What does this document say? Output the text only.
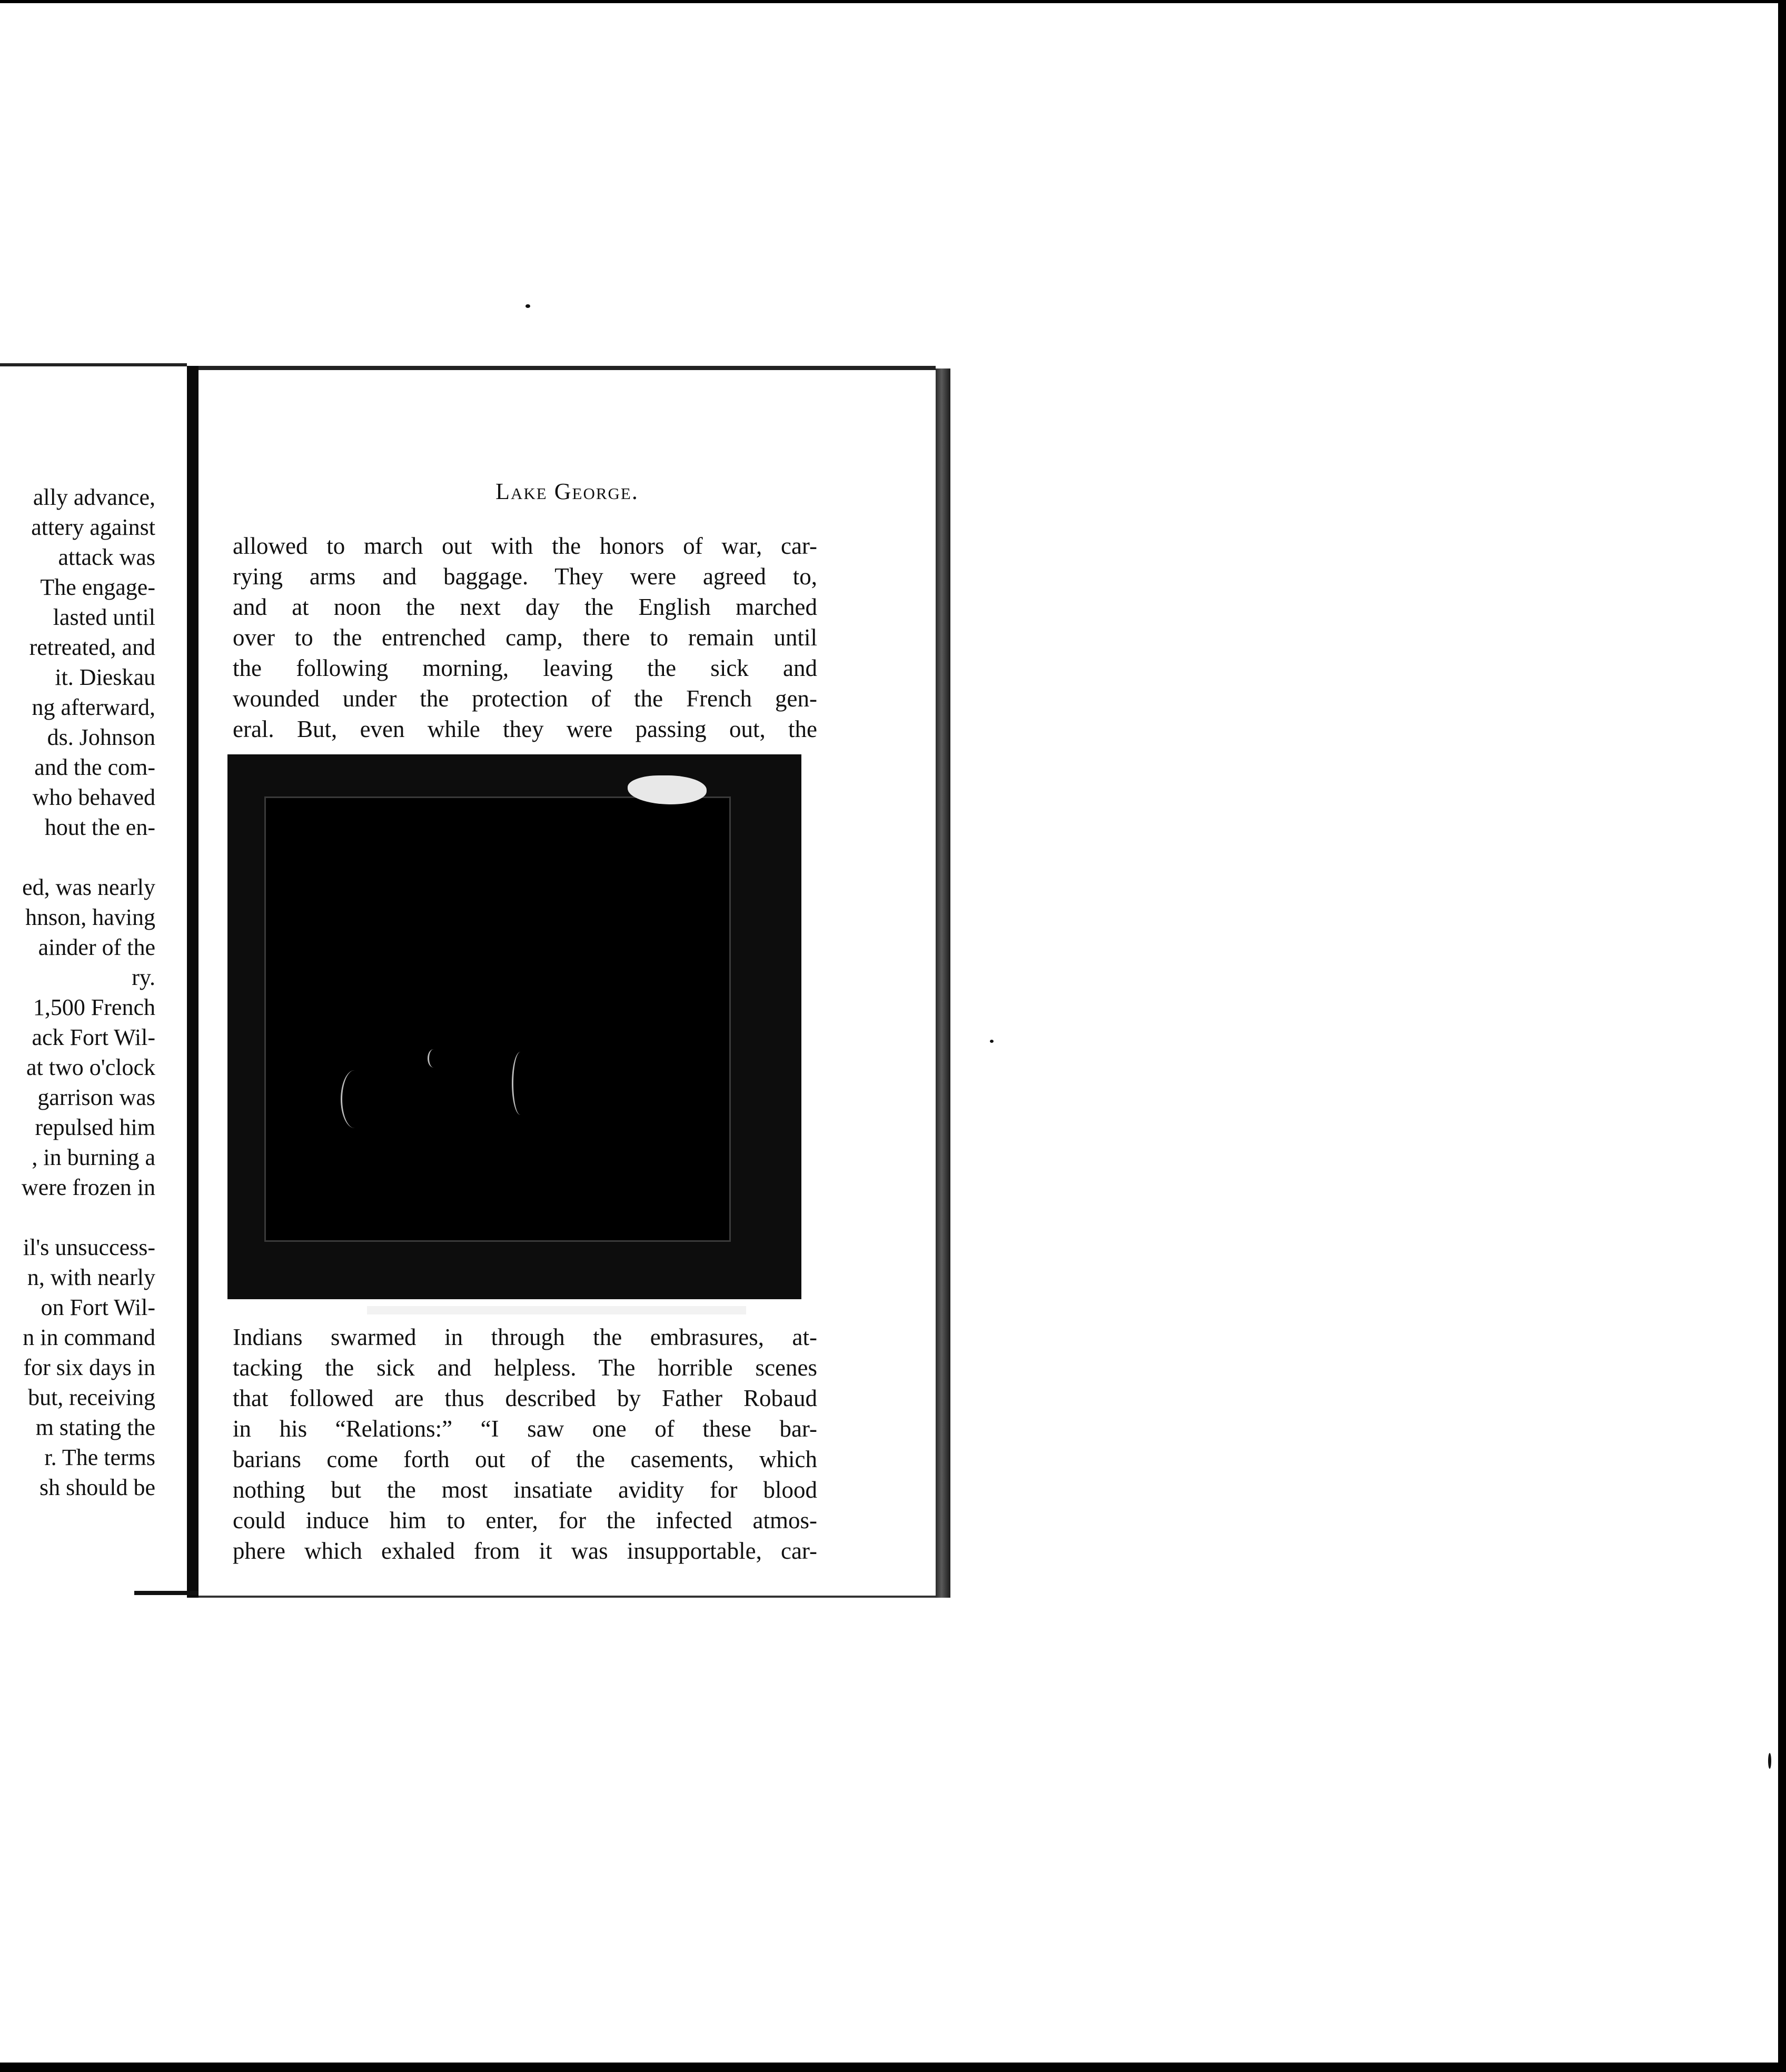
ally advance,
attery against
attack was
The engage-
lasted until
retreated, and
it. Dieskau
ng afterward,
ds. Johnson
and the com-
who behaved
hout the en-
ed, was nearly
hnson, having
ainder of the
ry.
1,500 French
ack Fort Wil-
at two o'clock
garrison was
repulsed him
, in burning a
were frozen in
il's unsuccess-
n, with nearly
on Fort Wil-
n in command
for six days in
but, receiving
m stating the
r. The terms
sh should be
Lake George.
allowed to march out with the honors of war, car-
rying arms and baggage. They were agreed to,
and at noon the next day the English marched
over to the entrenched camp, there to remain until
the following morning, leaving the sick and
wounded under the protection of the French gen-
eral. But, even while they were passing out, the
Indians swarmed in through the embrasures, at-
tacking the sick and helpless. The horrible scenes
that followed are thus described by Father Robaud
in his “Relations:” “I saw one of these bar-
barians come forth out of the casements, which
nothing but the most insatiate avidity for blood
could induce him to enter, for the infected atmos-
phere which exhaled from it was insupportable, car-
